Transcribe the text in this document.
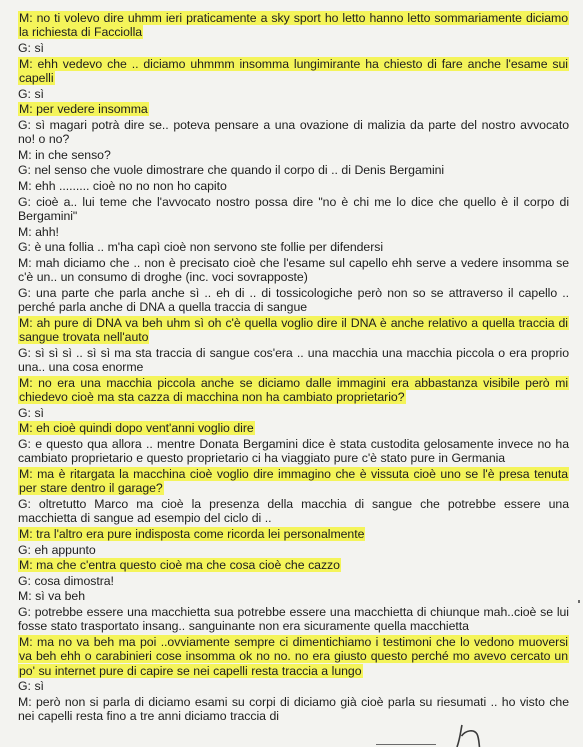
M: no ti volevo dire uhmm ieri praticamente a sky sport ho letto hanno letto sommariamente diciamo la richiesta di Facciolla
G: sì
M: ehh vedevo che .. diciamo uhmmm insomma lungimirante ha chiesto di fare anche l'esame sui capelli
G: sì
M: per vedere insomma
G: sì magari potrà dire se.. poteva pensare a una ovazione di malizia da parte del nostro avvocato no! o no?
M: in che senso?
G: nel senso che vuole dimostrare che quando il corpo di .. di Denis Bergamini
M: ehh ......... cioè no no non ho capito
G: cioè a.. lui teme che l'avvocato nostro possa dire "no è chi me lo dice che quello è il corpo di Bergamini"
M: ahh!
G: è una follia .. m'ha capì cioè non servono ste follie per difendersi
M: mah diciamo che .. non è precisato cioè che l'esame sul capello ehh serve a vedere insomma se c'è un.. un consumo di droghe (inc. voci sovrapposte)
G: una parte che parla anche sì .. eh di .. di tossicologiche però non so se attraverso il capello .. perché parla anche di DNA a quella traccia di sangue
M: ah pure di DNA va beh uhm sì oh c'è quella voglio dire il DNA è anche relativo a quella traccia di sangue trovata nell'auto
G: sì sì sì .. sì sì ma sta traccia di sangue cos'era .. una macchia una macchia piccola o era proprio una.. una cosa enorme
M: no era una macchia piccola anche se diciamo dalle immagini era abbastanza visibile però mi chiedevo cioè ma sta cazza di macchina non ha cambiato proprietario?
G: sì
M: eh cioè quindi dopo vent'anni voglio dire
G: e questo qua allora .. mentre Donata Bergamini dice è stata custodita gelosamente invece no ha cambiato proprietario e questo proprietario ci ha viaggiato pure c'è stato pure in Germania
M: ma è ritargata la macchina cioè voglio dire immagino che è vissuta cioè uno se l'è presa tenuta per stare dentro il garage?
G: oltretutto Marco ma cioè la presenza della macchia di sangue che potrebbe essere una macchietta di sangue ad esempio del ciclo di ..
M: tra l'altro era pure indisposta come ricorda lei personalmente
G: eh appunto
M: ma che c'entra questo cioè ma che cosa cioè che cazzo
G: cosa dimostra!
M: sì va beh
G: potrebbe essere una macchietta sua potrebbe essere una macchietta di chiunque mah..cioè se lui fosse stato trasportato insang.. sanguinante non era sicuramente quella macchietta
M: ma no va beh ma poi ..ovviamente sempre ci dimentichiamo i testimoni che lo vedono muoversi va beh ehh o carabinieri cose insomma ok no no. no era giusto questo perché mo avevo cercato un po' su internet pure di capire se nei capelli resta traccia a lungo
G: sì
M: però non si parla di diciamo esami su corpi di diciamo già cioè parla su riesumati .. ho visto che nei capelli resta fino a tre anni diciamo traccia di
